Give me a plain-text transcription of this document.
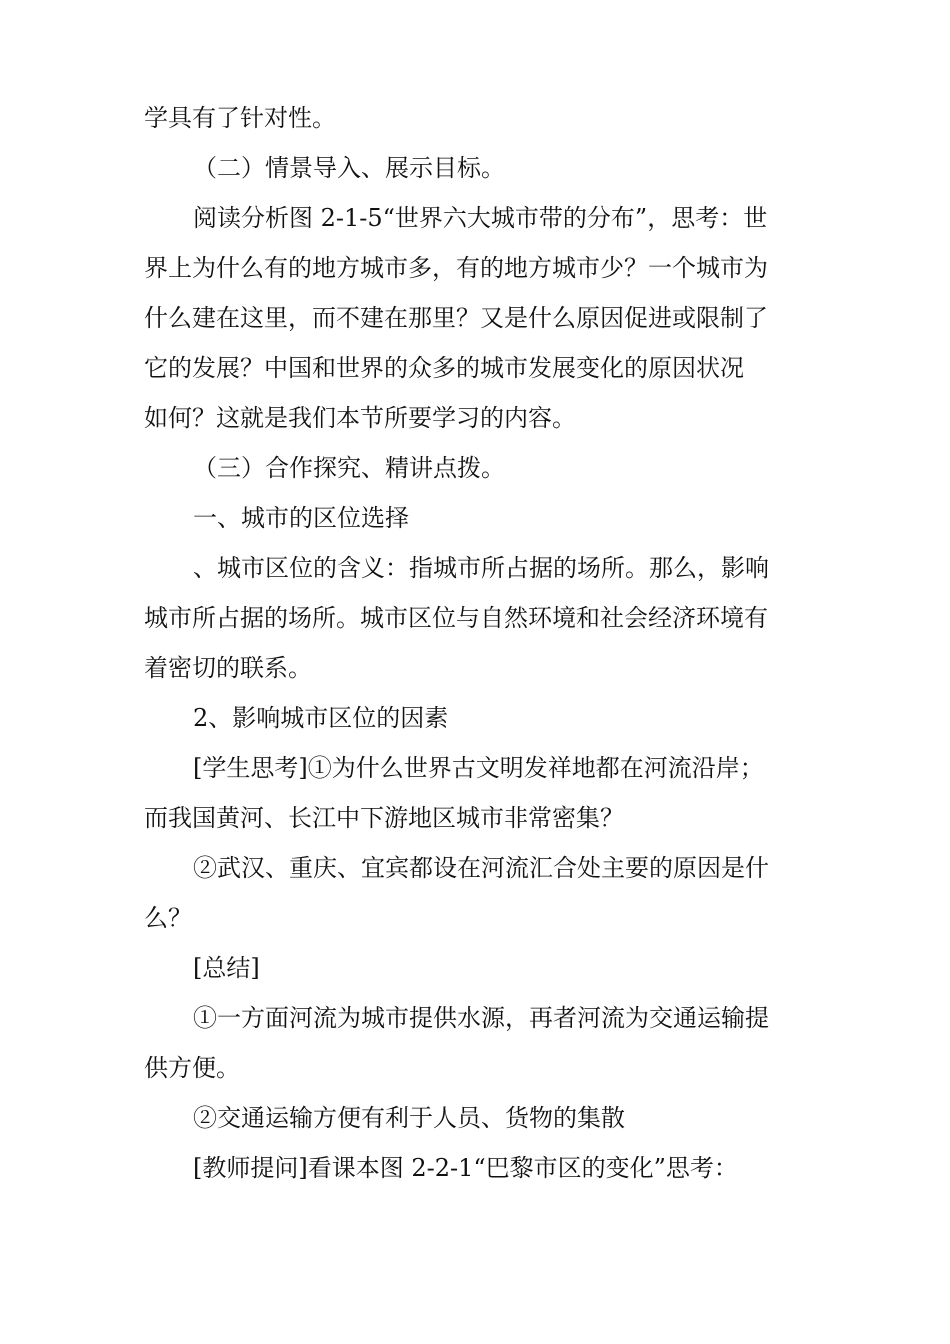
学具有了针对性。
（二）情景导入、展示目标。
阅读分析图 2-1-5“世界六大城市带的分布”，思考：世
界上为什么有的地方城市多，有的地方城市少？一个城市为
什么建在这里，而不建在那里？又是什么原因促进或限制了
它的发展？中国和世界的众多的城市发展变化的原因状况
如何？这就是我们本节所要学习的内容。
（三）合作探究、精讲点拨。
一、城市的区位选择
、城市区位的含义：指城市所占据的场所。那么，影响
城市所占据的场所。城市区位与自然环境和社会经济环境有
着密切的联系。
2、影响城市区位的因素
[学生思考]①为什么世界古文明发祥地都在河流沿岸；
而我国黄河、长江中下游地区城市非常密集？
②武汉、重庆、宜宾都设在河流汇合处主要的原因是什
么？
[总结]
①一方面河流为城市提供水源，再者河流为交通运输提
供方便。
②交通运输方便有利于人员、货物的集散
[教师提问]看课本图 2-2-1“巴黎市区的变化”思考：
